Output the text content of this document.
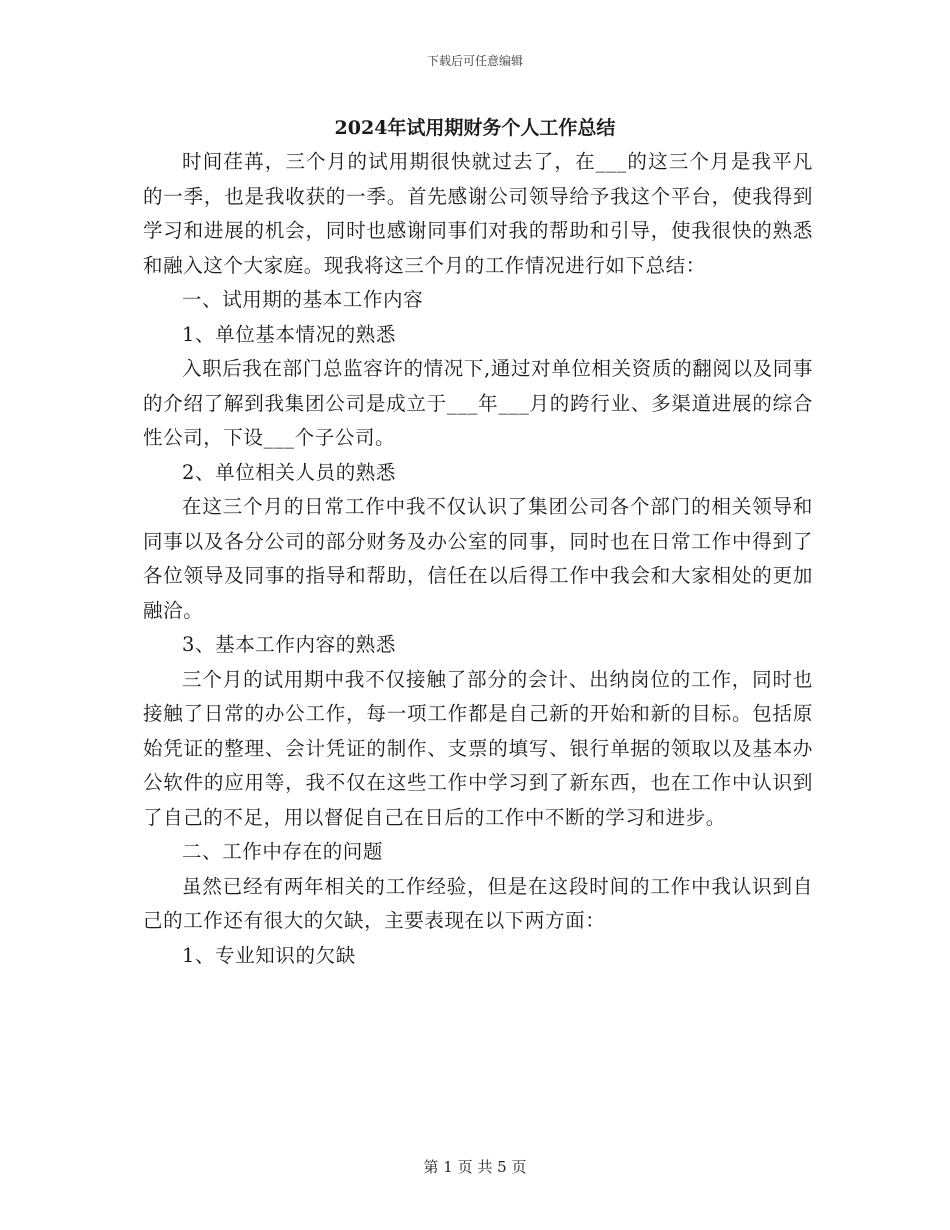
下载后可任意编辑
2024年试用期财务个人工作总结

时间荏苒，三个月的试用期很快就过去了，在___的这三个月是我平凡的一季，也是我收获的一季。首先感谢公司领导给予我这个平台，使我得到学习和进展的机会，同时也感谢同事们对我的帮助和引导，使我很快的熟悉和融入这个大家庭。现我将这三个月的工作情况进行如下总结：

一、试用期的基本工作内容

1、单位基本情况的熟悉

入职后我在部门总监容许的情况下,通过对单位相关资质的翻阅以及同事的介绍了解到我集团公司是成立于___年___月的跨行业、多渠道进展的综合性公司，下设___个子公司。

2、单位相关人员的熟悉

在这三个月的日常工作中我不仅认识了集团公司各个部门的相关领导和同事以及各分公司的部分财务及办公室的同事，同时也在日常工作中得到了各位领导及同事的指导和帮助，信任在以后得工作中我会和大家相处的更加融洽。

3、基本工作内容的熟悉

三个月的试用期中我不仅接触了部分的会计、出纳岗位的工作，同时也接触了日常的办公工作，每一项工作都是自己新的开始和新的目标。包括原始凭证的整理、会计凭证的制作、支票的填写、银行单据的领取以及基本办公软件的应用等，我不仅在这些工作中学习到了新东西，也在工作中认识到了自己的不足，用以督促自己在日后的工作中不断的学习和进步。

二、工作中存在的问题

虽然已经有两年相关的工作经验，但是在这段时间的工作中我认识到自己的工作还有很大的欠缺，主要表现在以下两方面：

1、专业知识的欠缺

第 1 页 共 5 页
